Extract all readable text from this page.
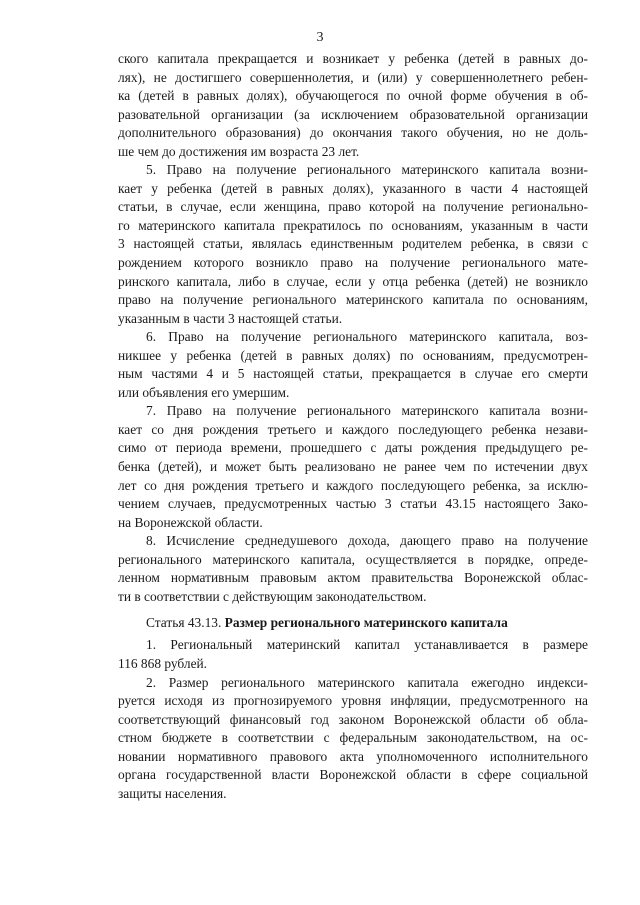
3
ского капитала прекращается и возникает у ребенка (детей в равных до-
лях), не достигшего совершеннолетия, и (или) у совершеннолетнего ребен-
ка (детей в равных долях), обучающегося по очной форме обучения в об-
разовательной организации (за исключением образовательной организации
дополнительного образования) до окончания такого обучения, но не доль-
ше чем до достижения им возраста 23 лет.
5. Право на получение регионального материнского капитала возни-
кает у ребенка (детей в равных долях), указанного в части 4 настоящей
статьи, в случае, если женщина, право которой на получение регионально-
го материнского капитала прекратилось по основаниям, указанным в части
3 настоящей статьи, являлась единственным родителем ребенка, в связи с
рождением которого возникло право на получение регионального мате-
ринского капитала, либо в случае, если у отца ребенка (детей) не возникло
право на получение регионального материнского капитала по основаниям,
указанным в части 3 настоящей статьи.
6. Право на получение регионального материнского капитала, воз-
никшее у ребенка (детей в равных долях) по основаниям, предусмотрен-
ным частями 4 и 5 настоящей статьи, прекращается в случае его смерти
или объявления его умершим.
7. Право на получение регионального материнского капитала возни-
кает со дня рождения третьего и каждого последующего ребенка незави-
симо от периода времени, прошедшего с даты рождения предыдущего ре-
бенка (детей), и может быть реализовано не ранее чем по истечении двух
лет со дня рождения третьего и каждого последующего ребенка, за исклю-
чением случаев, предусмотренных частью 3 статьи 43.15 настоящего Зако-
на Воронежской области.
8. Исчисление среднедушевого дохода, дающего право на получение
регионального материнского капитала, осуществляется в порядке, опреде-
ленном нормативным правовым актом правительства Воронежской облас-
ти в соответствии с действующим законодательством.
Статья 43.13. Размер регионального материнского капитала
1. Региональный материнский капитал устанавливается в размере
116 868 рублей.
2. Размер регионального материнского капитала ежегодно индекси-
руется исходя из прогнозируемого уровня инфляции, предусмотренного на
соответствующий финансовый год законом Воронежской области об обла-
стном бюджете в соответствии с федеральным законодательством, на ос-
новании нормативного правового акта уполномоченного исполнительного
органа государственной власти Воронежской области в сфере социальной
защиты населения.
